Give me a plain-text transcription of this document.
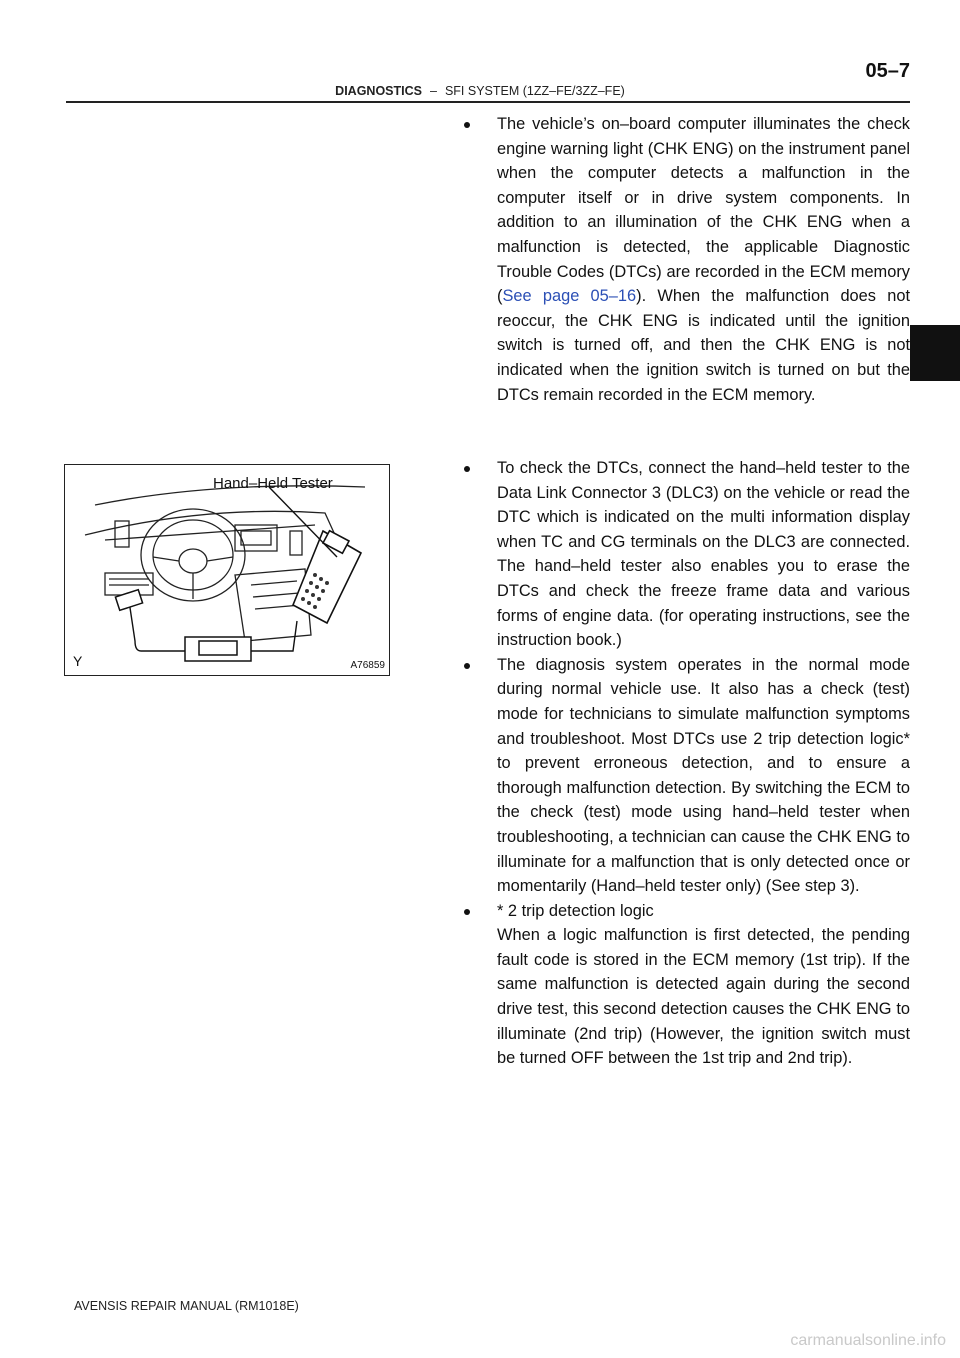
05–7
DIAGNOSTICS – SFI SYSTEM (1ZZ–FE/3ZZ–FE)

The vehicle’s on–board computer illuminates the check engine warning light (CHK ENG) on the instrument panel when the computer detects a malfunction in the computer itself or in drive system components. In addition to an illumination of the CHK ENG when a malfunction is detected, the applicable Diagnostic Trouble Codes (DTCs) are recorded in the ECM memory (See page 05–16). When the malfunction does not reoccur, the CHK ENG is indicated until the ignition switch is turned off, and then the CHK ENG is not indicated when the ignition switch is turned on but the DTCs remain recorded in the ECM memory.

To check the DTCs, connect the hand–held tester to the Data Link Connector 3 (DLC3) on the vehicle or read the DTC which is indicated on the multi information display when TC and CG terminals on the DLC3 are connected. The hand–held tester also enables you to erase the DTCs and check the freeze frame data and various forms of engine data. (for operating instructions, see the instruction book.)

The diagnosis system operates in the normal mode during normal vehicle use. It also has a check (test) mode for technicians to simulate malfunction symptoms and troubleshoot. Most DTCs use 2 trip detection logic* to prevent erroneous detection, and to ensure a thorough malfunction detection. By switching the ECM to the check (test) mode using hand–held tester when troubleshooting, a technician can cause the CHK ENG to illuminate for a malfunction that is only detected once or momentarily (Hand–held tester only) (See step 3).

* 2 trip detection logic
When a logic malfunction is first detected, the pending fault code is stored in the ECM memory (1st trip). If the same malfunction is detected again during the second drive test, this second detection causes the CHK ENG to illuminate (2nd trip) (However, the ignition switch must be turned OFF between the 1st trip and 2nd trip).

Hand–Held Tester
A76859
Y
AVENSIS REPAIR MANUAL (RM1018E)
carmanualsonline.info
